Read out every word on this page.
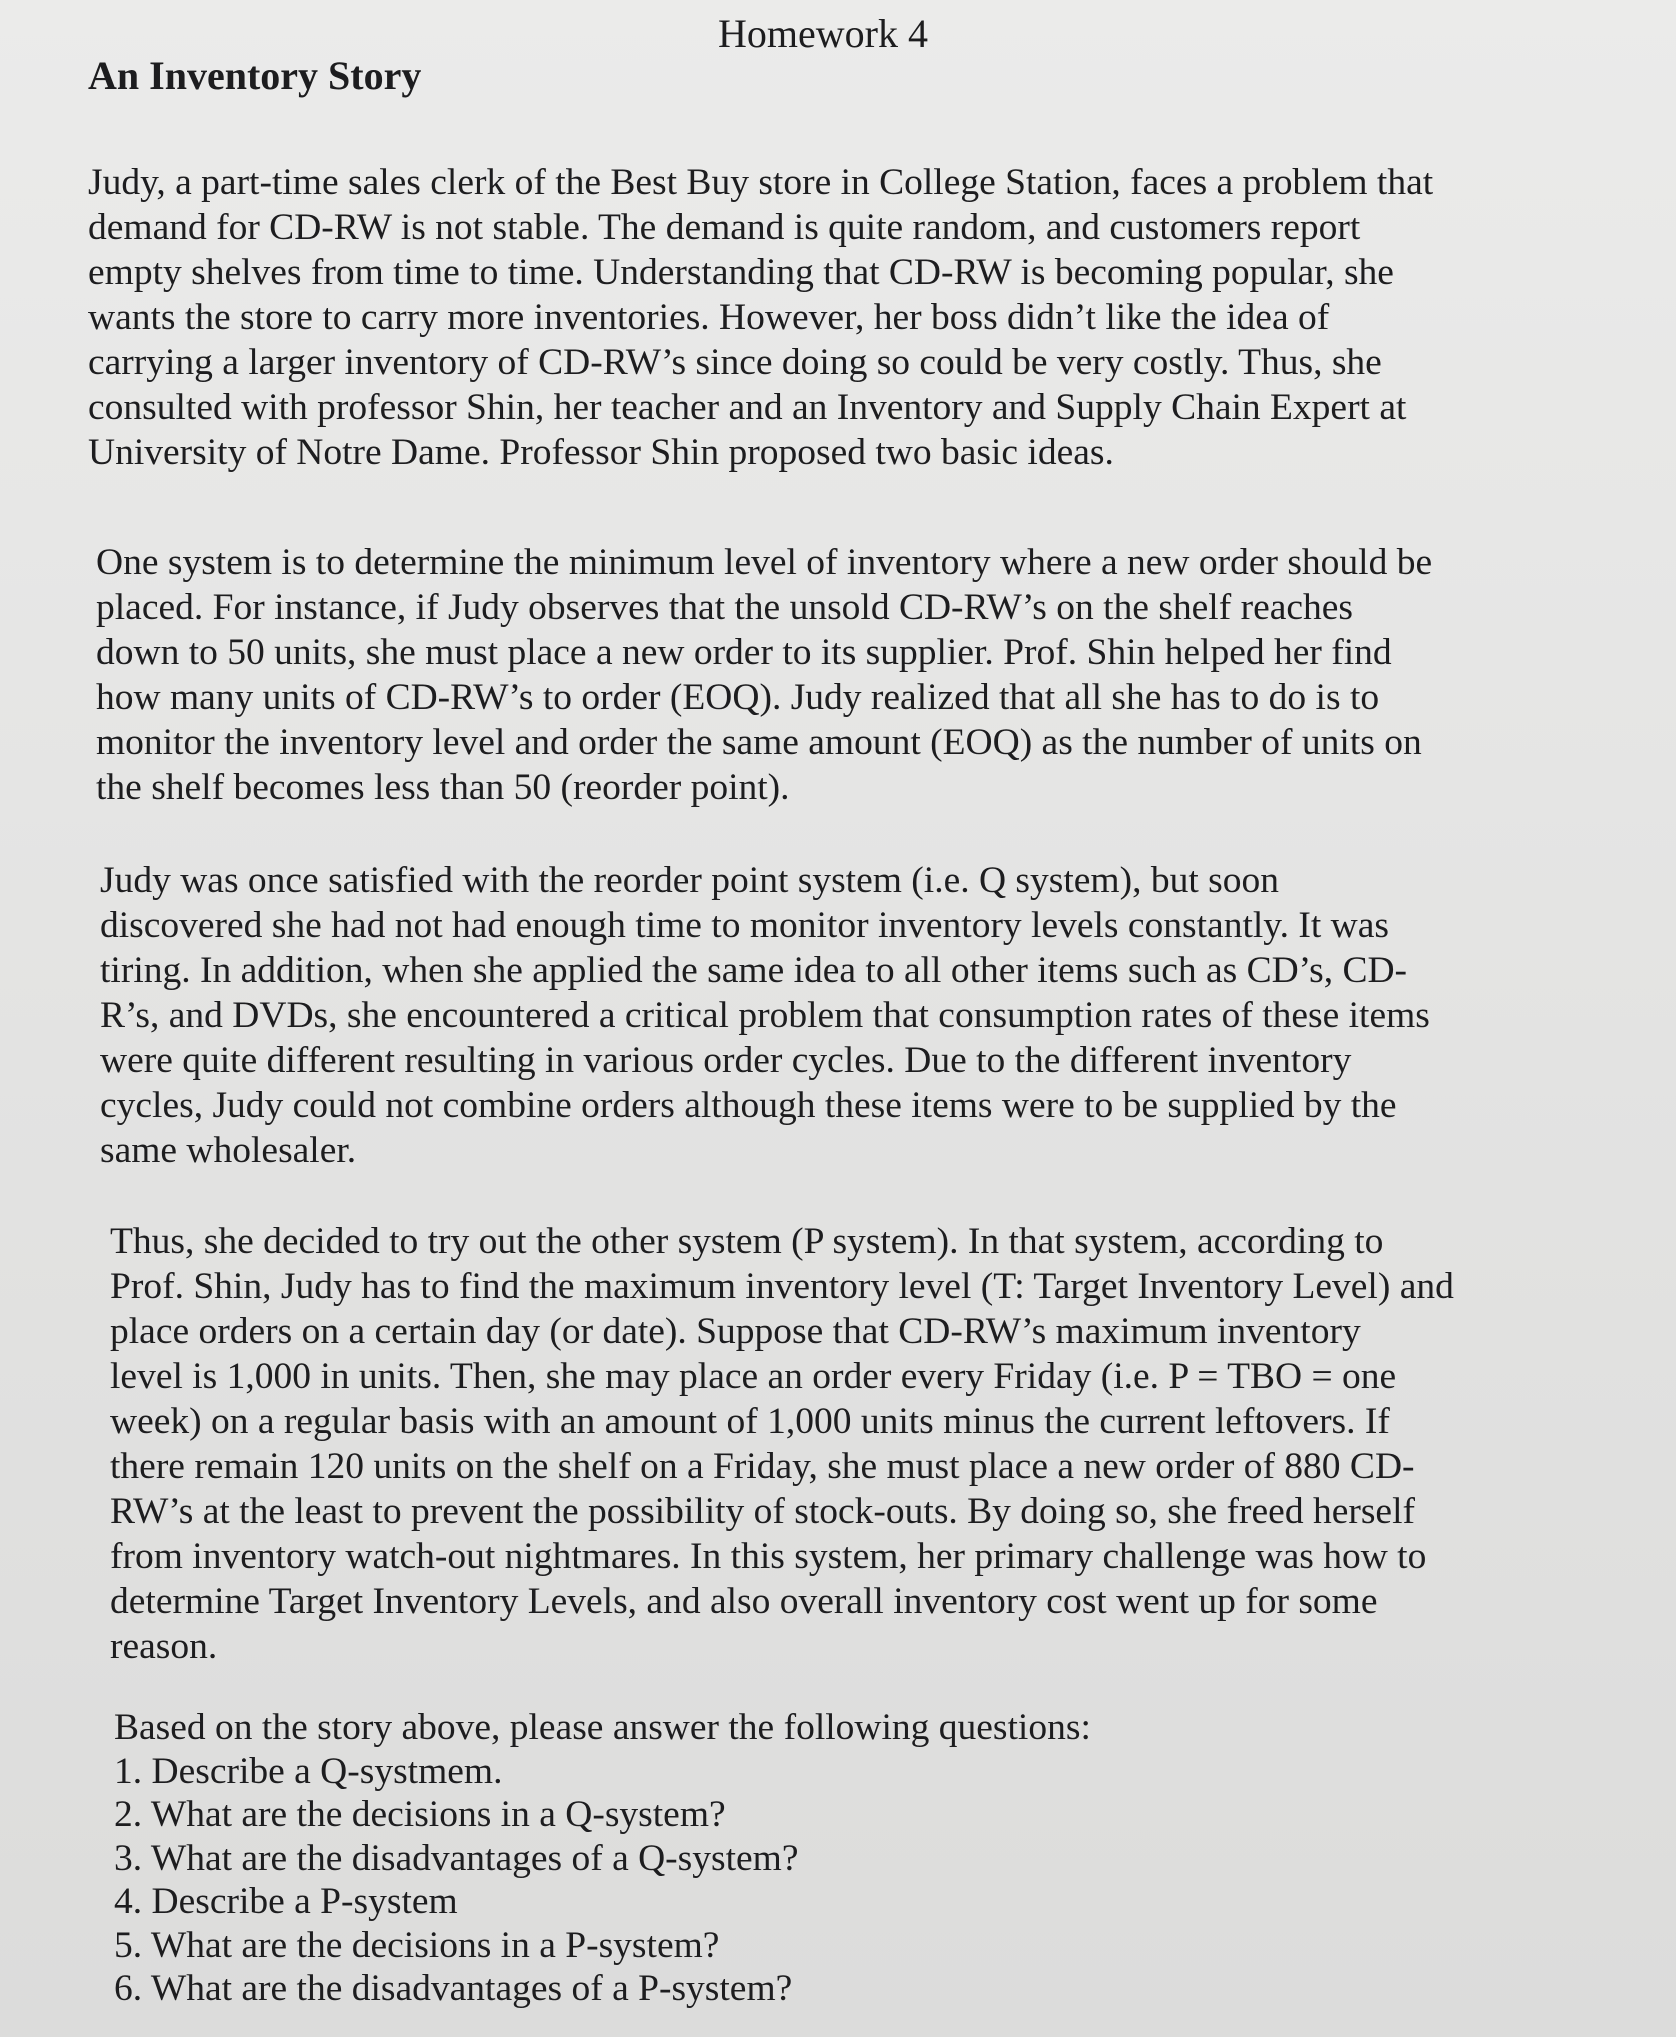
Homework 4
An Inventory Story

Judy, a part-time sales clerk of the Best Buy store in College Station, faces a problem that
demand for CD-RW is not stable. The demand is quite random, and customers report
empty shelves from time to time. Understanding that CD-RW is becoming popular, she
wants the store to carry more inventories. However, her boss didn’t like the idea of
carrying a larger inventory of CD-RW’s since doing so could be very costly. Thus, she
consulted with professor Shin, her teacher and an Inventory and Supply Chain Expert at
University of Notre Dame. Professor Shin proposed two basic ideas.

One system is to determine the minimum level of inventory where a new order should be
placed. For instance, if Judy observes that the unsold CD-RW’s on the shelf reaches
down to 50 units, she must place a new order to its supplier. Prof. Shin helped her find
how many units of CD-RW’s to order (EOQ). Judy realized that all she has to do is to
monitor the inventory level and order the same amount (EOQ) as the number of units on
the shelf becomes less than 50 (reorder point).

Judy was once satisfied with the reorder point system (i.e. Q system), but soon
discovered she had not had enough time to monitor inventory levels constantly. It was
tiring. In addition, when she applied the same idea to all other items such as CD’s, CD-
R’s, and DVDs, she encountered a critical problem that consumption rates of these items
were quite different resulting in various order cycles. Due to the different inventory
cycles, Judy could not combine orders although these items were to be supplied by the
same wholesaler.

Thus, she decided to try out the other system (P system). In that system, according to
Prof. Shin, Judy has to find the maximum inventory level (T: Target Inventory Level) and
place orders on a certain day (or date). Suppose that CD-RW’s maximum inventory
level is 1,000 in units. Then, she may place an order every Friday (i.e. P = TBO = one
week) on a regular basis with an amount of 1,000 units minus the current leftovers. If
there remain 120 units on the shelf on a Friday, she must place a new order of 880 CD-
RW’s at the least to prevent the possibility of stock-outs. By doing so, she freed herself
from inventory watch-out nightmares. In this system, her primary challenge was how to
determine Target Inventory Levels, and also overall inventory cost went up for some
reason.

Based on the story above, please answer the following questions:
1. Describe a Q-systmem.
2. What are the decisions in a Q-system?
3. What are the disadvantages of a Q-system?
4. Describe a P-system
5. What are the decisions in a P-system?
6. What are the disadvantages of a P-system?
